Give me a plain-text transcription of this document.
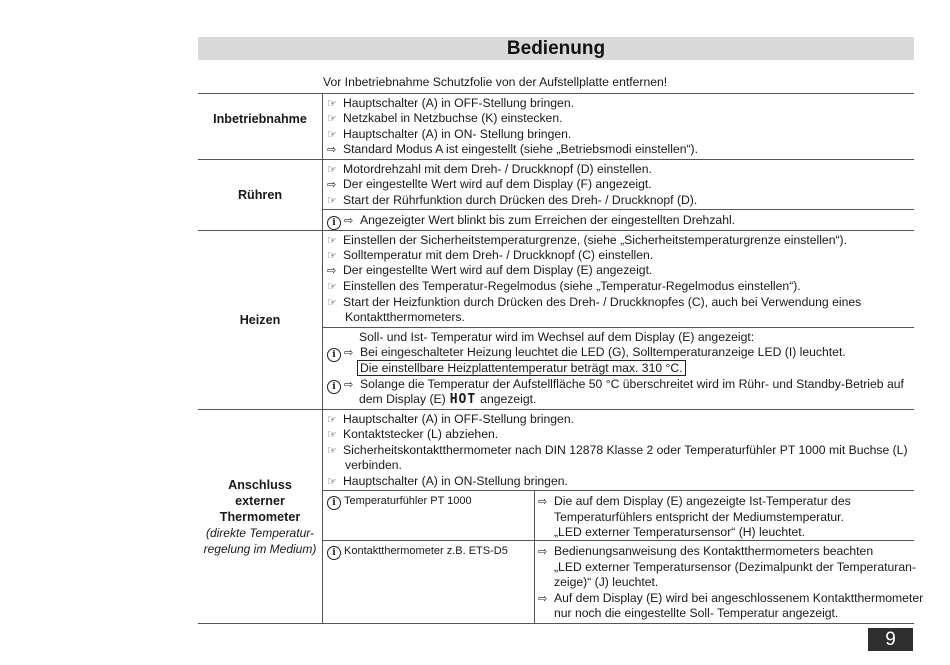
Bedienung
Vor Inbetriebnahme Schutzfolie von der Aufstellplatte entfernen!
Inbetriebnahme
☞ Hauptschalter (A) in OFF-Stellung bringen.
☞ Netzkabel in Netzbuchse (K) einstecken.
☞ Hauptschalter (A) in ON- Stellung bringen.
⇨ Standard Modus A ist eingestellt (siehe „Betriebsmodi einstellen“).
Rühren
☞ Motordrehzahl mit dem Dreh- / Druckknopf (D) einstellen.
⇨ Der eingestellte Wert wird auf dem Display (F) angezeigt.
☞ Start der Rührfunktion durch Drücken des Dreh- / Druckknopf (D).
i ⇨ Angezeigter Wert blinkt bis zum Erreichen der eingestellten Drehzahl.
Heizen
☞ Einstellen der Sicherheitstemperaturgrenze, (siehe „Sicherheitstemperaturgrenze einstellen“).
☞ Solltemperatur mit dem Dreh- / Druckknopf (C) einstellen.
⇨ Der eingestellte Wert wird auf dem Display (E) angezeigt.
☞ Einstellen des Temperatur-Regelmodus (siehe „Temperatur-Regelmodus einstellen“).
☞ Start der Heizfunktion durch Drücken des Dreh- / Druckknopfes (C), auch bei Verwendung eines
Kontaktthermometers.
Soll- und Ist- Temperatur wird im Wechsel auf dem Display (E) angezeigt:
i ⇨ Bei eingeschalteter Heizung leuchtet die LED (G), Solltemperaturanzeige LED (I) leuchtet.
Die einstellbare Heizplattentemperatur beträgt max. 310 °C.
i ⇨ Solange die Temperatur der Aufstellfläche 50 °C überschreitet wird im Rühr- und Standby-Betrieb auf
dem Display (E) HOT angezeigt.
Anschluss
externer
Thermometer
(direkte Temperatur-
regelung im Medium)
☞ Hauptschalter (A) in OFF-Stellung bringen.
☞ Kontaktstecker (L) abziehen.
☞ Sicherheitskontaktthermometer nach DIN 12878 Klasse 2 oder Temperaturfühler PT 1000 mit Buchse (L)
verbinden.
☞ Hauptschalter (A) in ON-Stellung bringen.
i Temperaturfühler PT 1000	⇨ Die auf dem Display (E) angezeigte Ist-Temperatur des
Temperaturfühlers entspricht der Mediumstemperatur.
„LED externer Temperatursensor“ (H) leuchtet.
i Kontaktthermometer z.B. ETS-D5	⇨ Bedienungsanweisung des Kontaktthermometers beachten
„LED externer Temperatursensor (Dezimalpunkt der Temperaturan-
zeige)“ (J) leuchtet.
⇨ Auf dem Display (E) wird bei angeschlossenem Kontaktthermometer
nur noch die eingestellte Soll- Temperatur angezeigt.
9
